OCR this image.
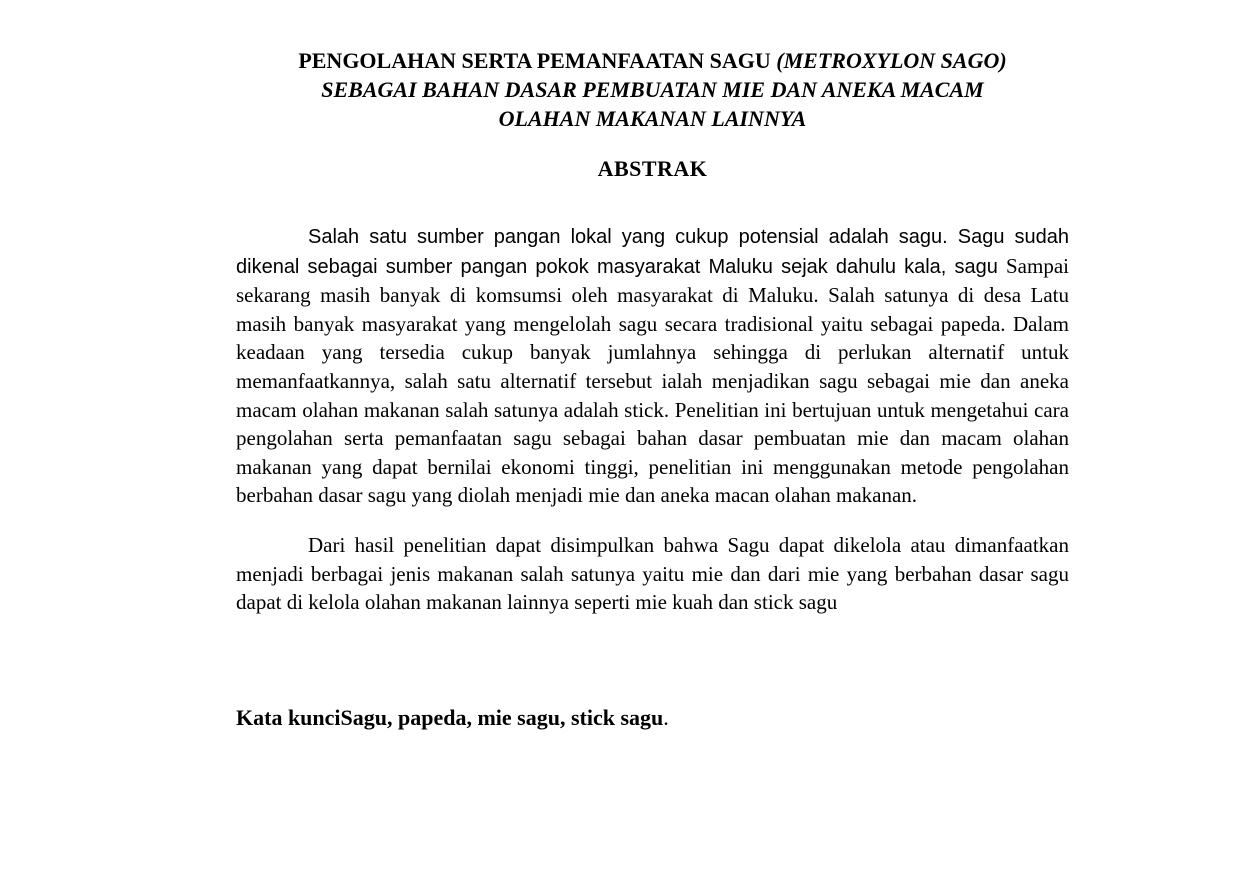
PENGOLAHAN SERTA PEMANFAATAN SAGU (METROXYLON SAGO)
SEBAGAI BAHAN DASAR PEMBUATAN MIE DAN ANEKA MACAM
OLAHAN MAKANAN LAINNYA
ABSTRAK

Salah satu sumber pangan lokal yang cukup potensial adalah sagu. Sagu sudah dikenal sebagai sumber pangan pokok masyarakat Maluku sejak dahulu kala, sagu Sampai sekarang masih banyak di komsumsi oleh masyarakat di Maluku. Salah satunya di desa Latu masih banyak masyarakat yang mengelolah sagu secara tradisional yaitu sebagai papeda. Dalam keadaan yang tersedia cukup banyak jumlahnya sehingga di perlukan alternatif untuk memanfaatkannya, salah satu alternatif tersebut ialah menjadikan sagu sebagai mie dan aneka macam olahan makanan salah satunya adalah stick. Penelitian ini bertujuan untuk mengetahui cara pengolahan serta pemanfaatan sagu sebagai bahan dasar pembuatan mie dan macam olahan makanan yang dapat bernilai ekonomi tinggi, penelitian ini menggunakan metode pengolahan berbahan dasar sagu yang diolah menjadi mie dan aneka macan olahan makanan.

Dari hasil penelitian dapat disimpulkan bahwa Sagu dapat dikelola atau dimanfaatkan menjadi berbagai jenis makanan salah satunya yaitu mie dan dari mie yang berbahan dasar sagu dapat di kelola olahan makanan lainnya seperti mie kuah dan stick sagu

Kata kunciSagu, papeda, mie sagu, stick sagu.
